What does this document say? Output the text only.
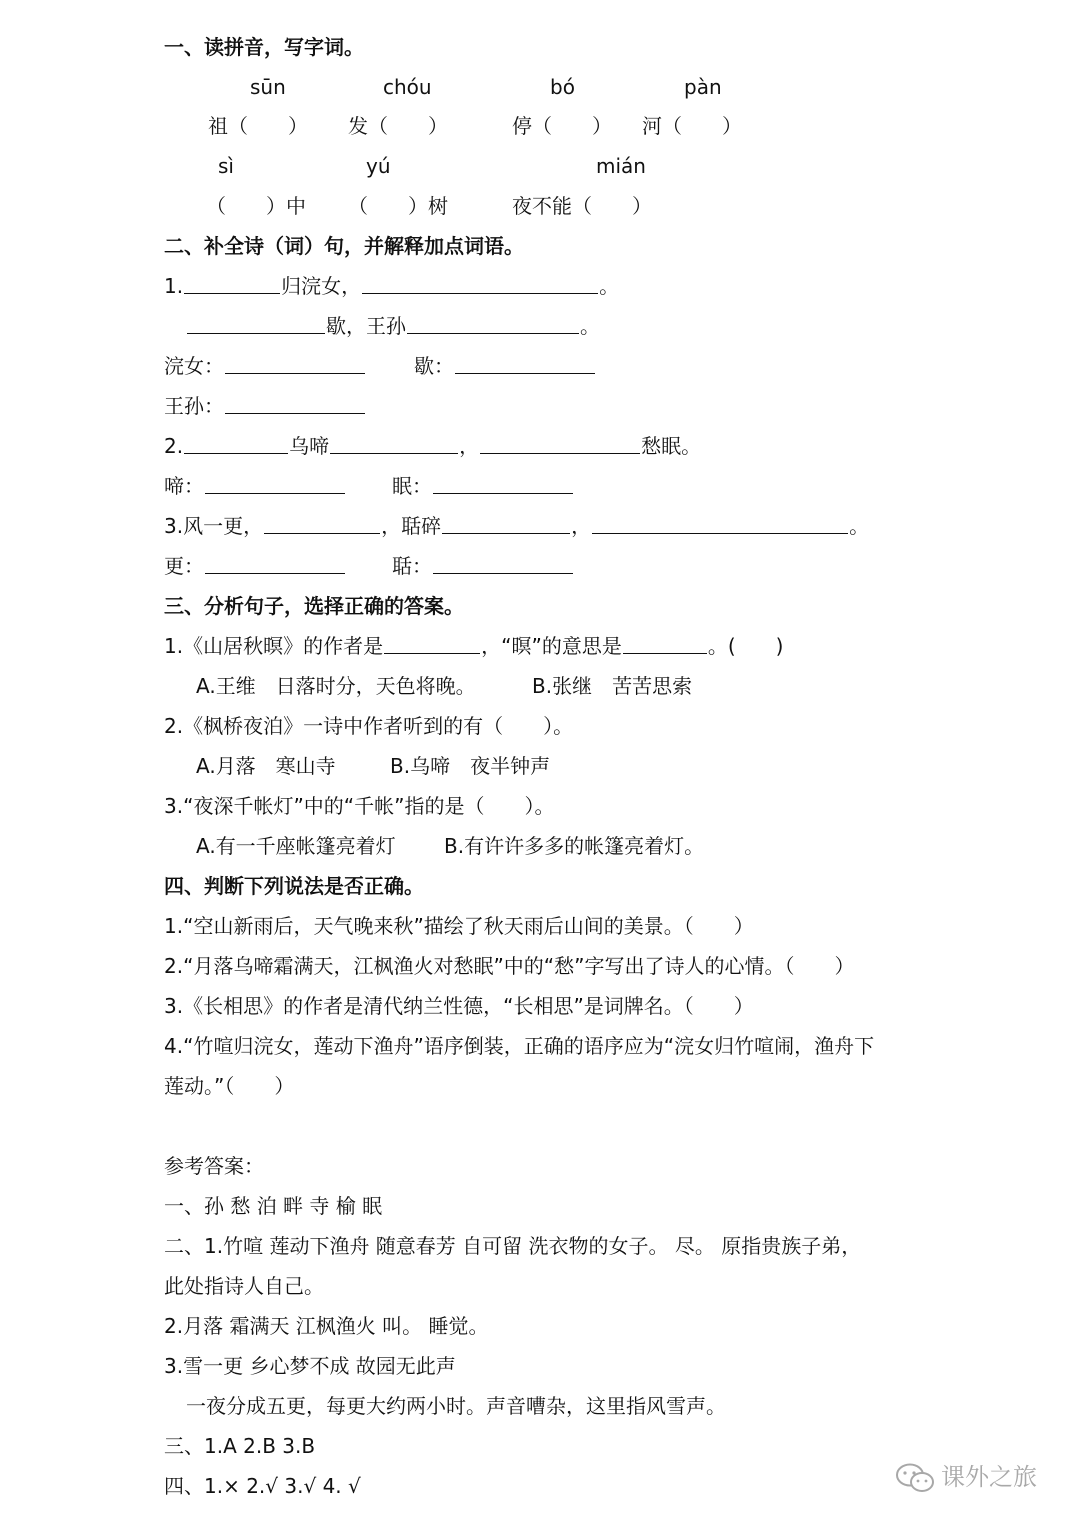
一、读拼音，写字词。
sūn	chóu	bó	pàn
祖（　　） 发（　　）	停（　　） 河（　　）
sì	yú	mián
（　　）中 （　　）树	夜不能（　　）
二、补全诗（词）句，并解释加点词语。
1.	归浣女，	。
歇，王孙	。
浣女：	歇：
王孙：
2.	乌啼	，	愁眠。
啼：	眠：
3.风一更，	，聒碎	，	。
更：	聒：
三、分析句子，选择正确的答案。
1.《山居秋暝》的作者是	，“暝”的意思是	。(　　)
A.王维　日落时分，天色将晚。	B.张继　苦苦思索
2.《枫桥夜泊》一诗中作者听到的有（　　）。
A.月落　寒山寺	B.乌啼　夜半钟声
3.“夜深千帐灯”中的“千帐”指的是（　　）。
A.有一千座帐篷亮着灯 B.有许许多多的帐篷亮着灯。
四、判断下列说法是否正确。
1.“空山新雨后，天气晚来秋”描绘了秋天雨后山间的美景。（　　）
2.“月落乌啼霜满天，江枫渔火对愁眠”中的“愁”字写出了诗人的心情。（　　）
3.《长相思》的作者是清代纳兰性德，“长相思”是词牌名。（　　）
4.“竹喧归浣女，莲动下渔舟”语序倒装，正确的语序应为“浣女归竹喧闹，渔舟下
莲动。”（　　）
参考答案：
一、孙 愁 泊 畔 寺 榆 眠
二、1.竹喧 莲动下渔舟 随意春芳 自可留 洗衣物的女子。 尽。 原指贵族子弟，
此处指诗人自己。
2.月落 霜满天 江枫渔火 叫。 睡觉。
3.雪一更 乡心梦不成 故园无此声
一夜分成五更，每更大约两小时。声音嘈杂，这里指风雪声。
三、1.A 2.B 3.B
四、1.× 2.√ 3.√ 4. √	课外之旅
